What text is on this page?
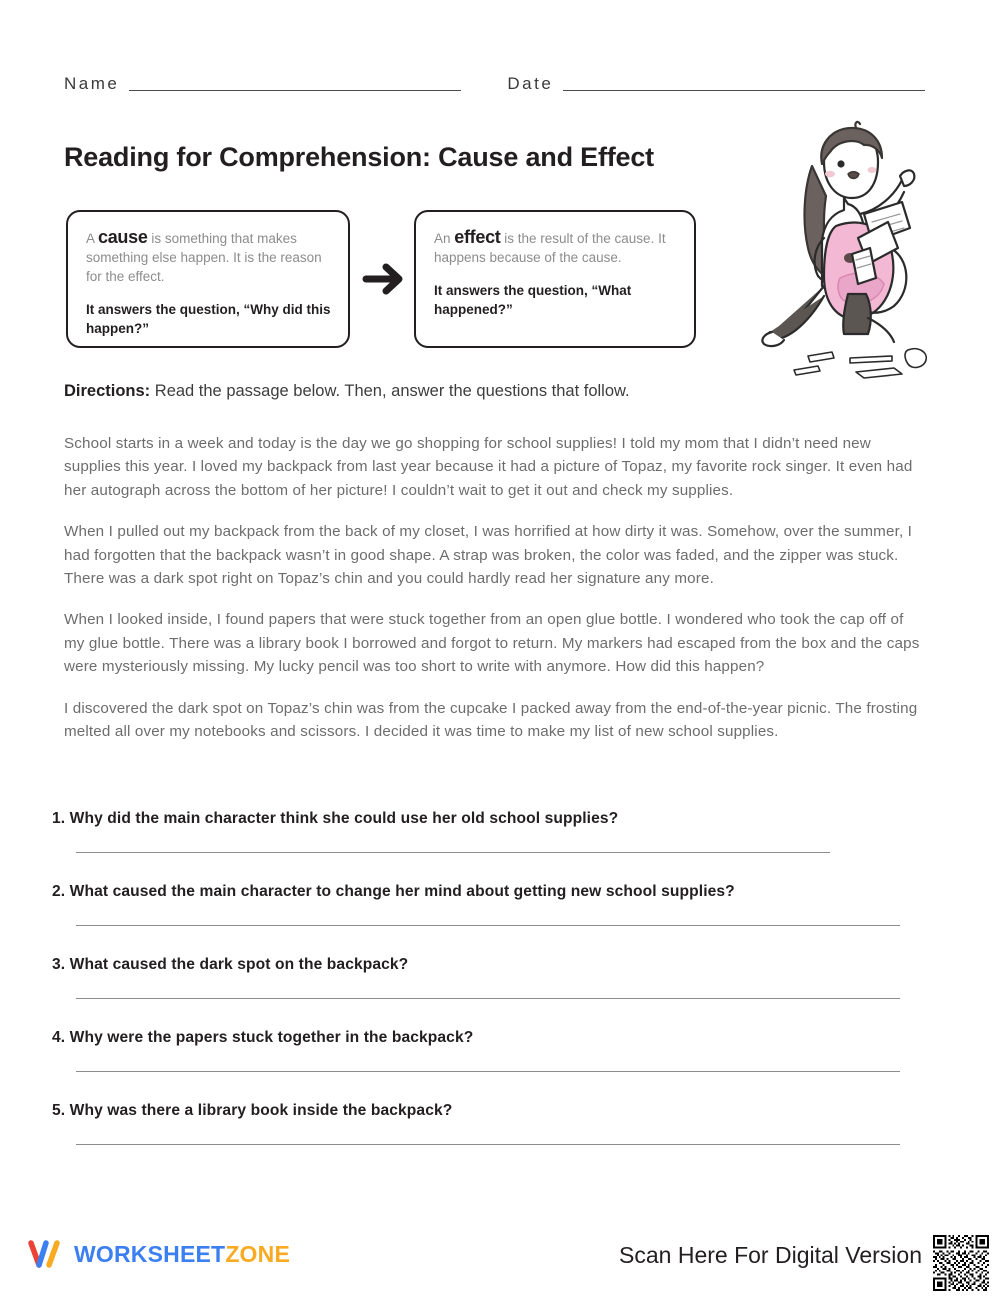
Name	Date
Reading for Comprehension: Cause and Effect

A cause is something that makes something else happen. It is the reason for the effect.

It answers the question, “Why did this happen?”

An effect is the result of the cause. It happens because of the cause.

It answers the question, “What happened?”

Directions: Read the passage below. Then, answer the questions that follow.

School starts in a week and today is the day we go shopping for school supplies! I told my mom that I didn’t need new supplies this year. I loved my backpack from last year because it had a picture of Topaz, my favorite rock singer. It even had her autograph across the bottom of her picture! I couldn’t wait to get it out and check my supplies.

When I pulled out my backpack from the back of my closet, I was horrified at how dirty it was. Somehow, over the summer, I had forgotten that the backpack wasn’t in good shape. A strap was broken, the color was faded, and the zipper was stuck. There was a dark spot right on Topaz’s chin and you could hardly read her signature any more.

When I looked inside, I found papers that were stuck together from an open glue bottle. I wondered who took the cap off of my glue bottle. There was a library book I borrowed and forgot to return. My markers had escaped from the box and the caps were mysteriously missing. My lucky pencil was too short to write with anymore. How did this happen?

I discovered the dark spot on Topaz’s chin was from the cupcake I packed away from the end-of-the-year picnic. The frosting melted all over my notebooks and scissors. I decided it was time to make my list of new school supplies.

1. Why did the main character think she could use her old school supplies?
2. What caused the main character to change her mind about getting new school supplies?
3. What caused the dark spot on the backpack?
4. Why were the papers stuck together in the backpack?
5. Why was there a library book inside the backpack?
WORKSHEETZONE	Scan Here For Digital Version
